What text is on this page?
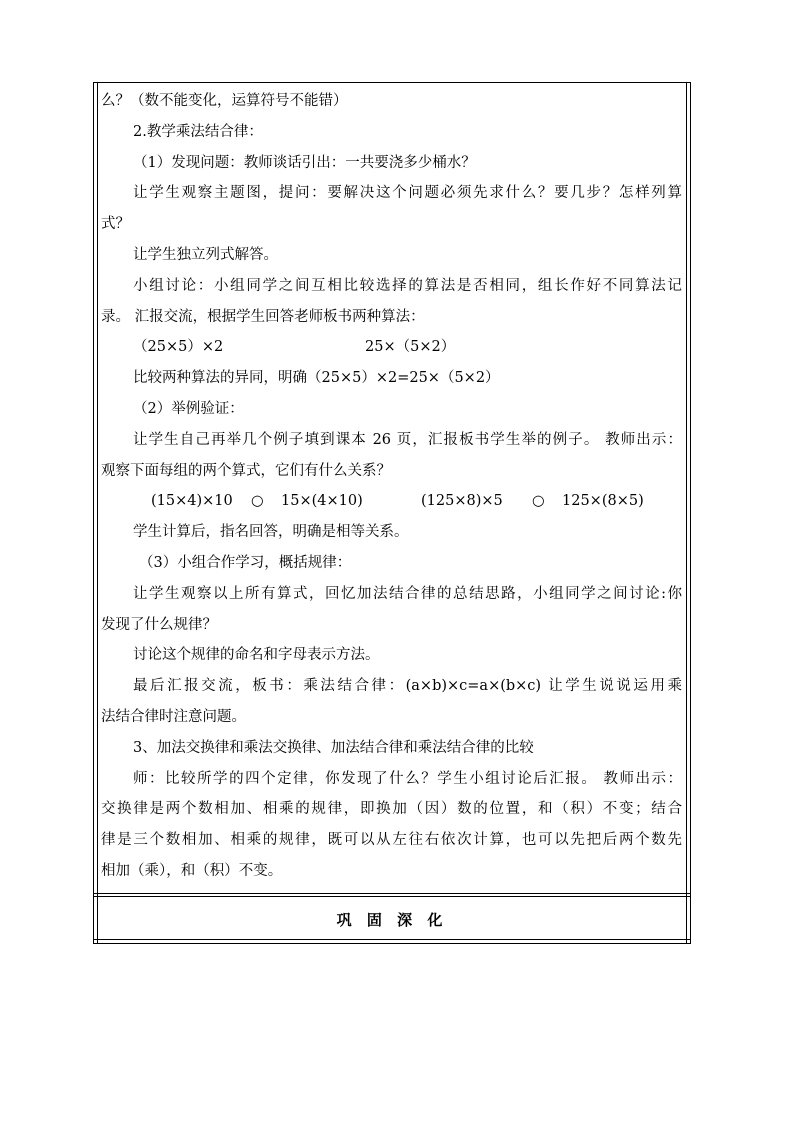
么？（数不能变化，运算符号不能错）

2.教学乘法结合律：

（1）发现问题：教师谈话引出：一共要浇多少桶水？

让学生观察主题图，提问：要解决这个问题必须先求什么？要几步？怎样列算

式？

让学生独立列式解答。

小组讨论：小组同学之间互相比较选择的算法是否相同，组长作好不同算法记

录。 汇报交流，根据学生回答老师板书两种算法：

（25×5）×2	25×（5×2）

比较两种算法的异同，明确（25×5）×2=25×（5×2）

（2）举例验证：

让学生自己再举几个例子填到课本 26 页，汇报板书学生举的例子。 教师出示：

观察下面每组的两个算式，它们有什么关系？

(15×4)×10	○	15×(4×10)	(125×8)×5	○	125×(8×5)

学生计算后，指名回答，明确是相等关系。

（3）小组合作学习，概括规律：

让学生观察以上所有算式，回忆加法结合律的总结思路，小组同学之间讨论:你

发现了什么规律？

讨论这个规律的命名和字母表示方法。

最后汇报交流，板书：乘法结合律：(a×b)×c=a×(b×c) 让学生说说运用乘

法结合律时注意问题。

3、加法交换律和乘法交换律、加法结合律和乘法结合律的比较

师：比较所学的四个定律，你发现了什么？学生小组讨论后汇报。 教师出示：

交换律是两个数相加、相乘的规律，即换加（因）数的位置，和（积）不变；结合

律是三个数相加、相乘的规律，既可以从左往右依次计算，也可以先把后两个数先

相加（乘），和（积）不变。

巩 固 深 化
